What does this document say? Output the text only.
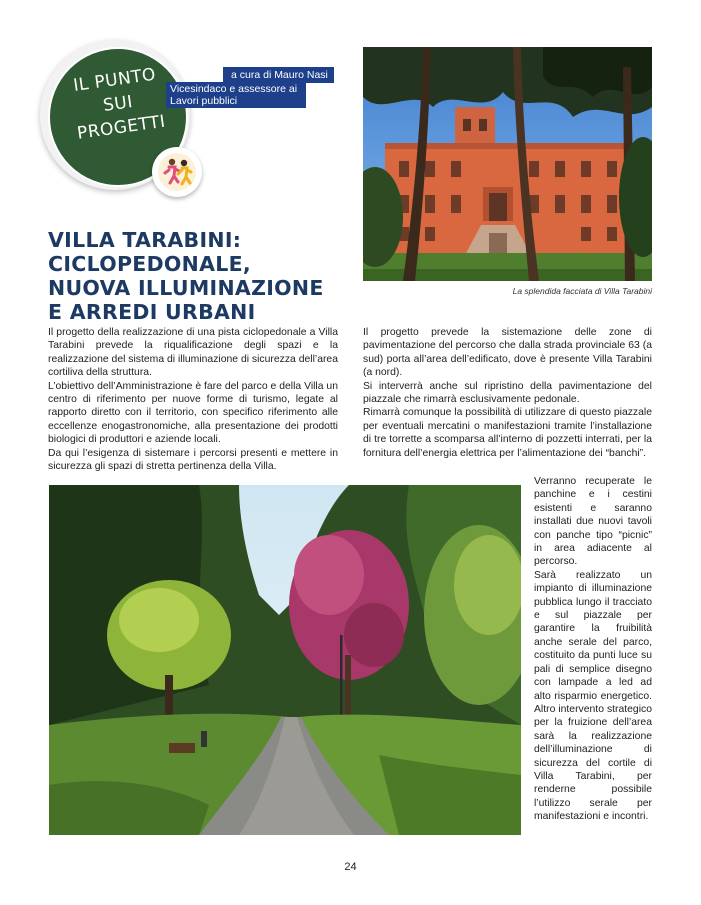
IL PUNTO
SUI
PROGETTI
a cura di Mauro Nasi
Vicesindaco e assessore ai Lavori pubblici
VILLA TARABINI: CICLOPEDONALE, NUOVA ILLUMINAZIONE E ARREDI URBANI
La splendida facciata di Villa Tarabini

Il progetto della realizzazione di una pista ciclopedonale a Villa Tarabini prevede la riqualificazione degli spazi e la realizzazione del sistema di illuminazione di sicurezza dell’area cortiliva della struttura.

L’obiettivo dell’Amministrazione è fare del parco e della Villa un centro di riferimento per nuove forme di turismo, legate al rapporto diretto con il territorio, con specifico riferimento alle eccellenze enogastronomiche, alla presentazione dei prodotti biologici di produttori e aziende locali.

Da qui l’esigenza di sistemare i percorsi presenti e mettere in sicurezza gli spazi di stretta pertinenza della Villa.

Il progetto prevede la sistemazione delle zone di pavimentazione del percorso che dalla strada provinciale 63 (a sud) porta all’area dell’edificato, dove è presente Villa Tarabini (a nord).

Si interverrà anche sul ripristino della pavimentazione del piazzale che rimarrà esclusivamente pedonale.

Rimarrà comunque la possibilità di utilizzare di questo piazzale per eventuali mercatini o manifestazioni tramite l’installazione di tre torrette a scomparsa all’interno di pozzetti interrati, per la fornitura dell’energia elettrica per l’alimentazione dei “banchi”.

Verranno recuperate le panchine e i cestini esistenti e saranno installati due nuovi tavoli con panche tipo “picnic” in area adiacente al percorso.

Sarà realizzato un impianto di illuminazione pubblica lungo il tracciato e sul piazzale per garantire la fruibilità anche serale del parco, costituito da punti luce su pali di semplice disegno con lampade a led ad alto risparmio energetico. Altro intervento strategico per la fruizione dell’area sarà la realizzazione dell’illuminazione di sicurezza del cortile di Villa Tarabini, per renderne possibile l’utilizzo serale per manifestazioni e incontri.

24
